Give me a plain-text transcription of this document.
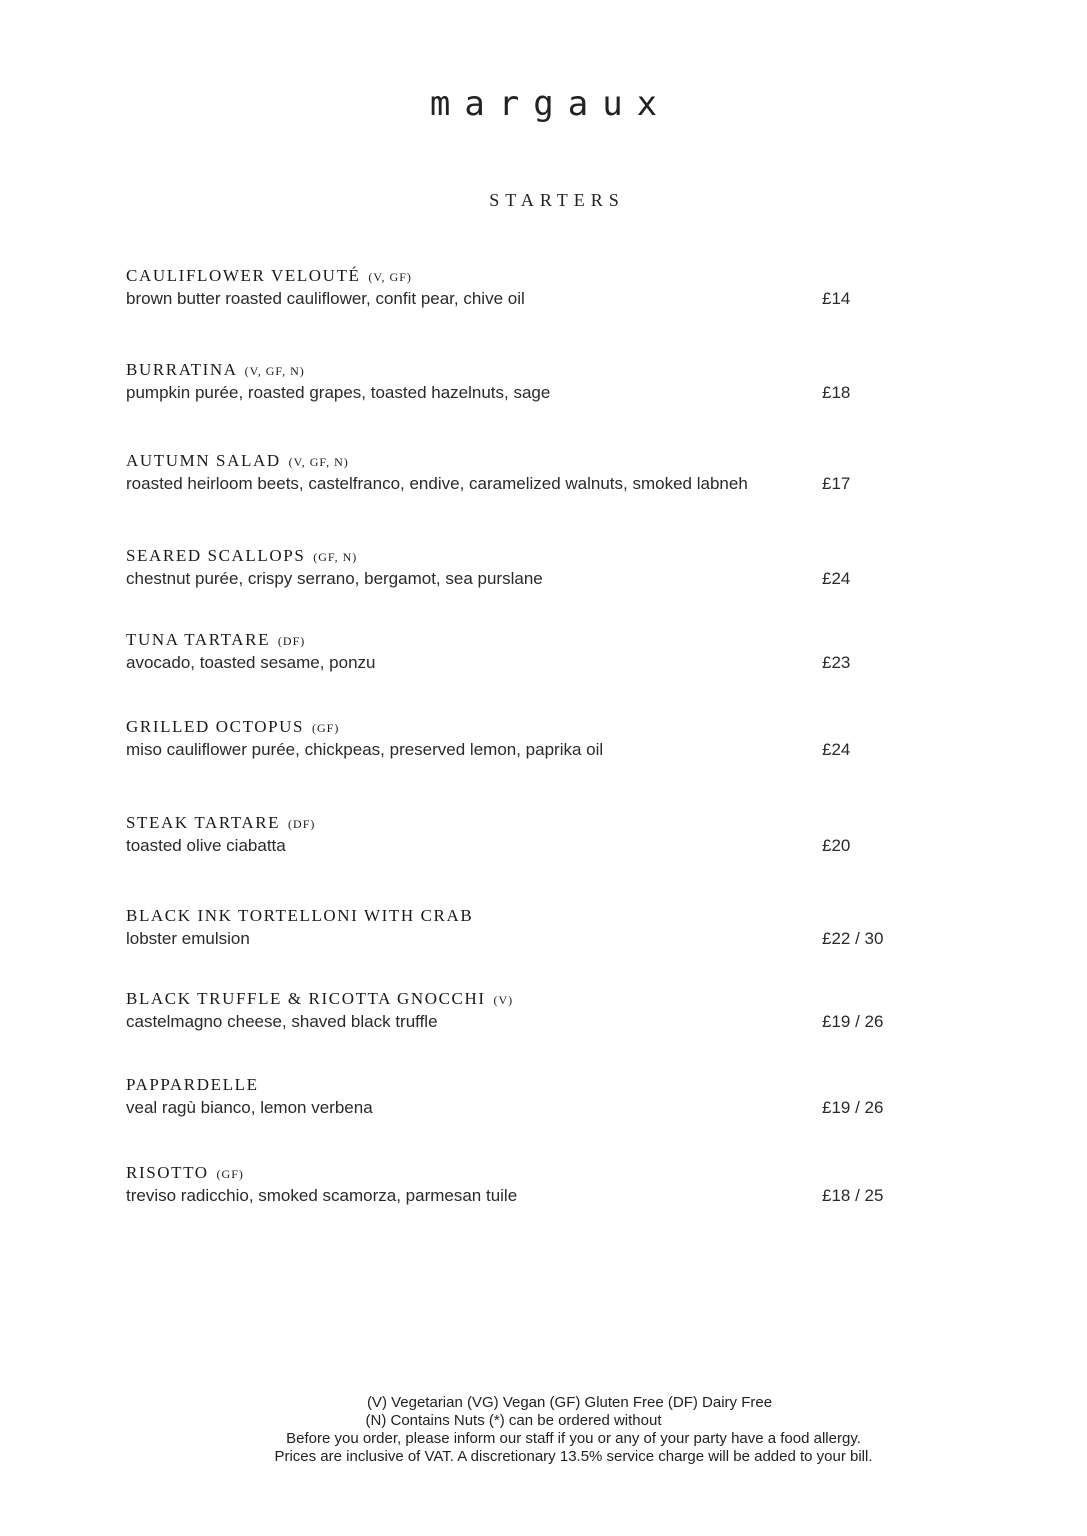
margaux
STARTERS
CAULIFLOWER VELOUTÉ (V, GF)
brown butter roasted cauliflower, confit pear, chive oil	£14
BURRATINA (V, GF, N)
pumpkin purée, roasted grapes, toasted hazelnuts, sage	£18
AUTUMN SALAD (V, GF, N)
roasted heirloom beets, castelfranco, endive, caramelized walnuts, smoked labneh	£17
SEARED SCALLOPS (GF, N)
chestnut purée, crispy serrano, bergamot, sea purslane	£24
TUNA TARTARE (DF)
avocado, toasted sesame, ponzu	£23
GRILLED OCTOPUS (GF)
miso cauliflower purée, chickpeas, preserved lemon, paprika oil	£24
STEAK TARTARE (DF)
toasted olive ciabatta	£20
BLACK INK TORTELLONI WITH CRAB
lobster emulsion	£22 / 30
BLACK TRUFFLE & RICOTTA GNOCCHI (V)
castelmagno cheese, shaved black truffle	£19 / 26
PAPPARDELLE
veal ragù bianco, lemon verbena	£19 / 26
RISOTTO (GF)
treviso radicchio, smoked scamorza, parmesan tuile	£18 / 25
(V) Vegetarian (VG) Vegan (GF) Gluten Free (DF) Dairy Free
(N) Contains Nuts (*) can be ordered without
Before you order, please inform our staff if you or any of your party have a food allergy.
Prices are inclusive of VAT. A discretionary 13.5% service charge will be added to your bill.
